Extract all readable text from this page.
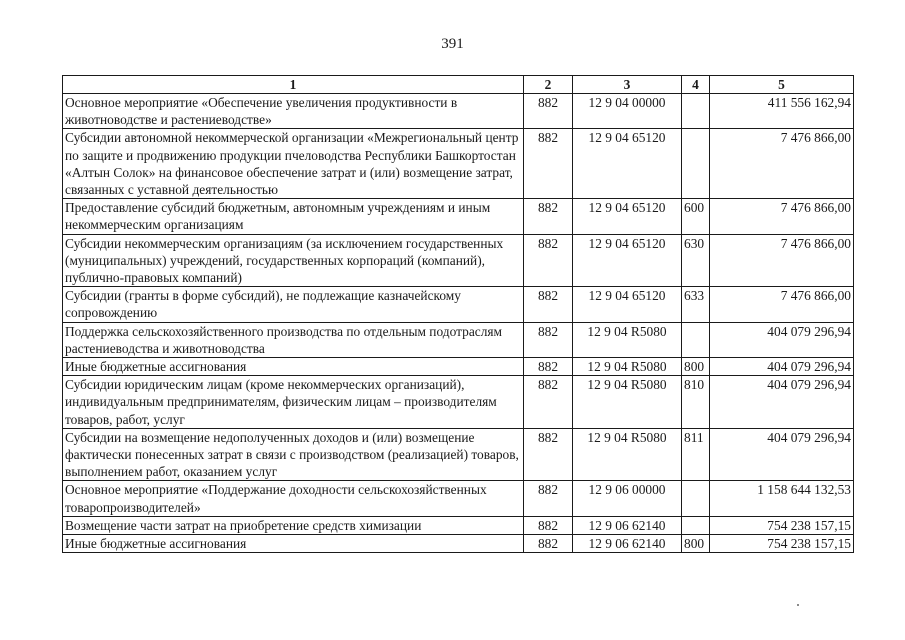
391
1	2	3	4	5
Основное мероприятие «Обеспечение увеличения продуктивности в животноводстве и растениеводстве»	882	12 9 04 00000		411 556 162,94
Субсидии автономной некоммерческой организации «Межрегиональный центр по защите и продвижению продукции пчеловодства Республики Башкортостан «Алтын Солок» на финансовое обеспечение затрат и (или) возмещение затрат, связанных с уставной деятельностью	882	12 9 04 65120		7 476 866,00
Предоставление субсидий бюджетным, автономным учреждениям и иным некоммерческим организациям	882	12 9 04 65120	600	7 476 866,00
Субсидии некоммерческим организациям (за исключением государственных (муниципальных) учреждений, государственных корпораций (компаний), публично-правовых компаний)	882	12 9 04 65120	630	7 476 866,00
Субсидии (гранты в форме субсидий), не подлежащие казначейскому сопровождению	882	12 9 04 65120	633	7 476 866,00
Поддержка сельскохозяйственного производства по отдельным подотраслям растениеводства и животноводства	882	12 9 04 R5080		404 079 296,94
Иные бюджетные ассигнования	882	12 9 04 R5080	800	404 079 296,94
Субсидии юридическим лицам (кроме некоммерческих организаций), индивидуальным предпринимателям, физическим лицам – производителям товаров, работ, услуг	882	12 9 04 R5080	810	404 079 296,94
Субсидии на возмещение недополученных доходов и (или) возмещение фактически понесенных затрат в связи с производством (реализацией) товаров, выполнением работ, оказанием услуг	882	12 9 04 R5080	811	404 079 296,94
Основное мероприятие «Поддержание доходности сельскохозяйственных товаропроизводителей»	882	12 9 06 00000		1 158 644 132,53
Возмещение части затрат на приобретение средств химизации	882	12 9 06 62140		754 238 157,15
Иные бюджетные ассигнования	882	12 9 06 62140	800	754 238 157,15
